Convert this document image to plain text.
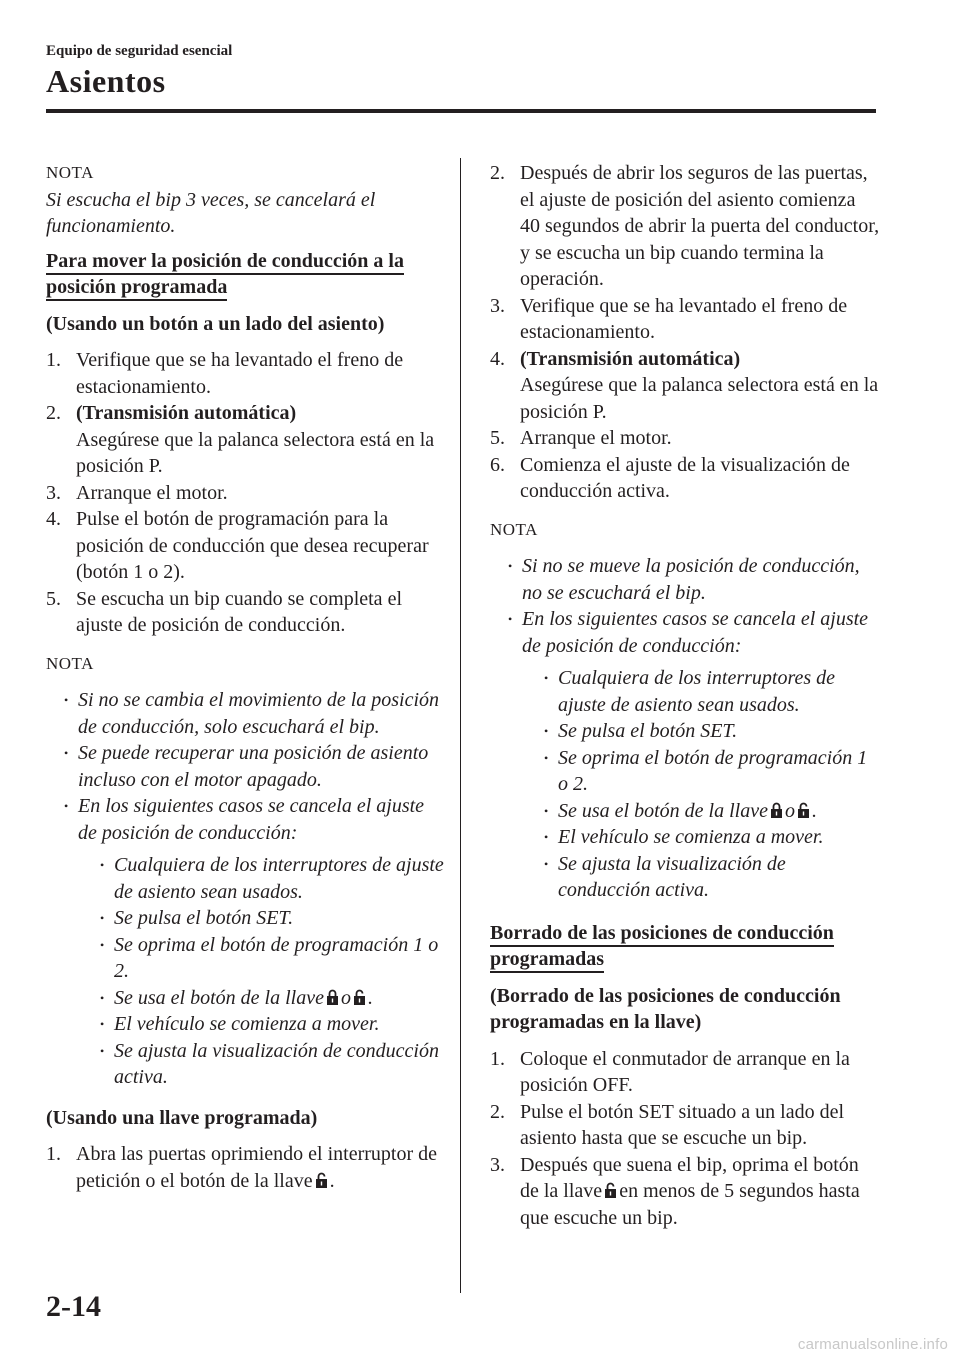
Equipo de seguridad esencial
Asientos
NOTA
Si escucha el bip 3 veces, se cancelará el funcionamiento.
Para mover la posición de conducción a la posición programada
(Usando un botón a un lado del asiento)
1. Verifique que se ha levantado el freno de estacionamiento.
2. (Transmisión automática)
Asegúrese que la palanca selectora está en la posición P.
3. Arranque el motor.
4. Pulse el botón de programación para la posición de conducción que desea recuperar (botón 1 o 2).
5. Se escucha un bip cuando se completa el ajuste de posición de conducción.
NOTA
• Si no se cambia el movimiento de la posición de conducción, solo escuchará el bip.
• Se puede recuperar una posición de asiento incluso con el motor apagado.
• En los siguientes casos se cancela el ajuste de posición de conducción:
• Cualquiera de los interruptores de ajuste de asiento sean usados.
• Se pulsa el botón SET.
• Se oprima el botón de programación 1 o 2.
• Se usa el botón de la llave o .
• El vehículo se comienza a mover.
• Se ajusta la visualización de conducción activa.
(Usando una llave programada)
1. Abra las puertas oprimiendo el interruptor de petición o el botón de la llave .
2. Después de abrir los seguros de las puertas, el ajuste de posición del asiento comienza 40 segundos de abrir la puerta del conductor, y se escucha un bip cuando termina la operación.
3. Verifique que se ha levantado el freno de estacionamiento.
4. (Transmisión automática)
Asegúrese que la palanca selectora está en la posición P.
5. Arranque el motor.
6. Comienza el ajuste de la visualización de conducción activa.
NOTA
• Si no se mueve la posición de conducción, no se escuchará el bip.
• En los siguientes casos se cancela el ajuste de posición de conducción:
• Cualquiera de los interruptores de ajuste de asiento sean usados.
• Se pulsa el botón SET.
• Se oprima el botón de programación 1 o 2.
• Se usa el botón de la llave o .
• El vehículo se comienza a mover.
• Se ajusta la visualización de conducción activa.
Borrado de las posiciones de conducción programadas
(Borrado de las posiciones de conducción programadas en la llave)
1. Coloque el conmutador de arranque en la posición OFF.
2. Pulse el botón SET situado a un lado del asiento hasta que se escuche un bip.
3. Después que suena el bip, oprima el botón de la llave en menos de 5 segundos hasta que escuche un bip.
2-14
carmanualsonline.info
